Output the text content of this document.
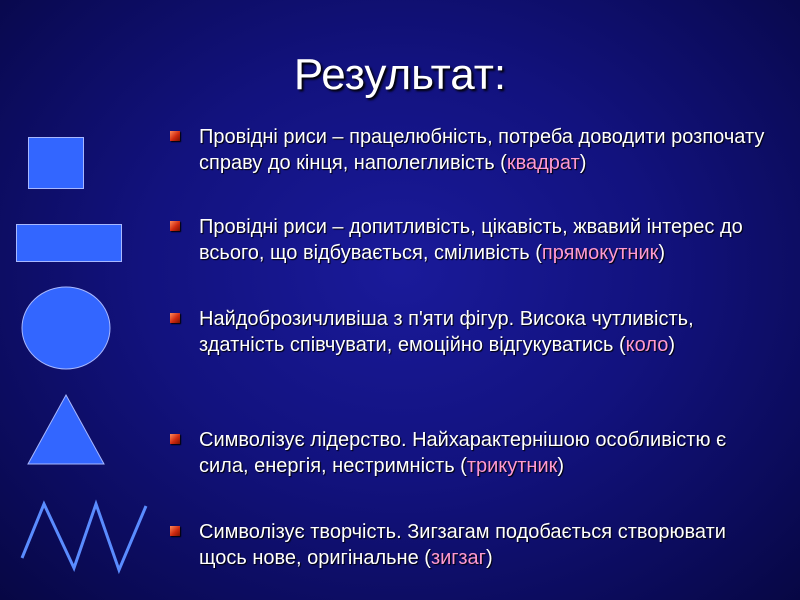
Результат:
Провідні риси – працелюбність, потреба доводити розпочату справу до кінця, наполегливість (квадрат)
Провідні риси – допитливість, цікавість, жвавий інтерес до всього, що відбувається, сміливість (прямокутник)
Найдоброзичливіша з п'яти фігур. Висока чутливість, здатність співчувати, емоційно відгукуватись (коло)
Символізує лідерство. Найхарактернішою особливістю є сила, енергія, нестримність (трикутник)
Символізує творчість. Зигзагам подобається створювати щось нове, оригінальне (зигзаг)
